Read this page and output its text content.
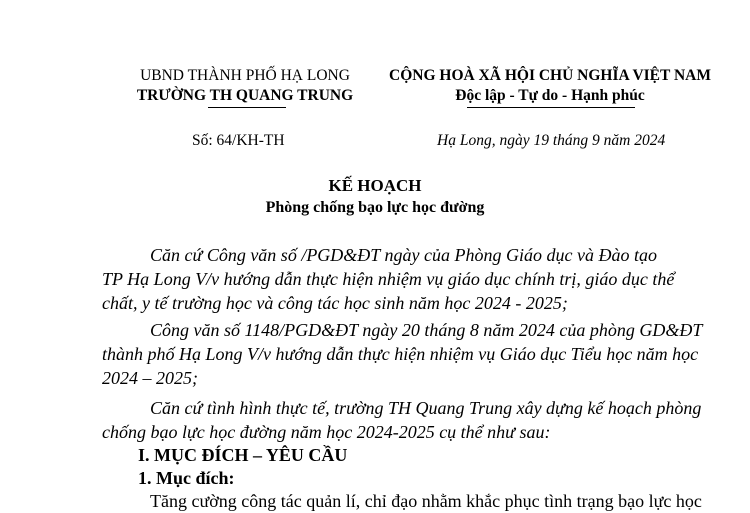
UBND THÀNH PHỐ HẠ LONG
TRƯỜNG TH QUANG TRUNG
CỘNG HOÀ XÃ HỘI CHỦ NGHĨA VIỆT NAM
Độc lập - Tự do - Hạnh phúc
Số: 64/KH-TH	Hạ Long, ngày 19 tháng 9 năm 2024
KẾ HOẠCH
Phòng chống bạo lực học đường
Căn cứ Công văn số /PGD&ĐT ngày của Phòng Giáo dục và Đào tạo
TP Hạ Long V/v hướng dẫn thực hiện nhiệm vụ giáo dục chính trị, giáo dục thể
chất, y tế trường học và công tác học sinh năm học 2024 - 2025;
Công văn số 1148/PGD&ĐT ngày 20 tháng 8 năm 2024 của phòng GD&ĐT
thành phố Hạ Long V/v hướng dẫn thực hiện nhiệm vụ Giáo dục Tiểu học năm học
2024 – 2025;
Căn cứ tình hình thực tế, trường TH Quang Trung xây dựng kế hoạch phòng
chống bạo lực học đường năm học 2024-2025 cụ thể như sau:
I. MỤC ĐÍCH – YÊU CẦU
1. Mục đích:
Tăng cường công tác quản lí, chỉ đạo nhằm khắc phục tình trạng bạo lực học
